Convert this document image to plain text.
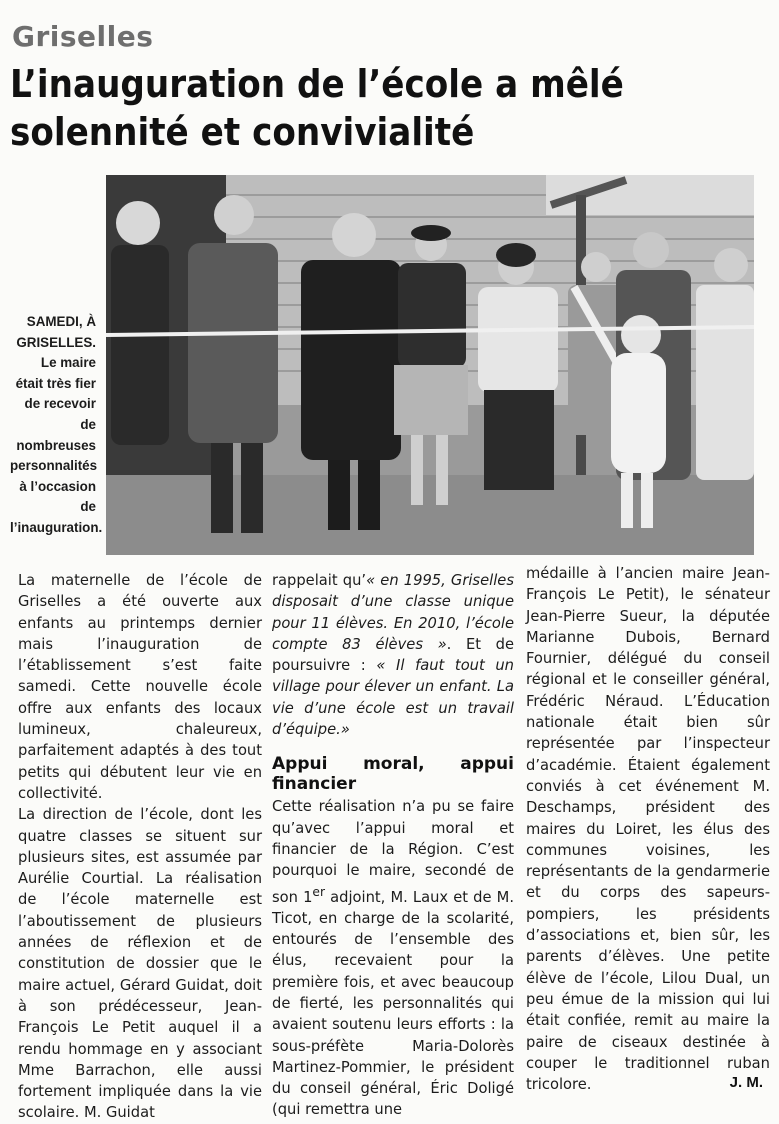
Griselles
L’inauguration de l’école a mêlé solennité et convivialité
SAMEDI, À GRISELLES. Le maire était très fier de recevoir de nombreuses personnalités à l’occasion de l’inauguration.

La maternelle de l’école de Griselles a été ouverte aux enfants au printemps dernier mais l’inauguration de l’établissement s’est faite samedi. Cette nouvelle école offre aux enfants des locaux lumineux, chaleureux, parfaitement adaptés à des tout petits qui débutent leur vie en collectivité.

La direction de l’école, dont les quatre classes se situent sur plusieurs sites, est assumée par Aurélie Courtial. La réalisation de l’école maternelle est l’aboutissement de plusieurs années de réflexion et de constitution de dossier que le maire actuel, Gérard Guidat, doit à son prédécesseur, Jean-François Le Petit auquel il a rendu hommage en y associant Mme Barrachon, elle aussi fortement impliquée dans la vie scolaire. M. Guidat

rappelait qu’« en 1995, Griselles disposait d’une classe unique pour 11 élèves. En 2010, l’école compte 83 élèves ». Et de poursuivre : « Il faut tout un village pour élever un enfant. La vie d’une école est un travail d’équipe.»

Appui moral, appui financier

Cette réalisation n’a pu se faire qu’avec l’appui moral et financier de la Région. C’est pourquoi le maire, secondé de son 1er adjoint, M. Laux et de M. Ticot, en charge de la scolarité, entourés de l’ensemble des élus, recevaient pour la première fois, et avec beaucoup de fierté, les personnalités qui avaient soutenu leurs efforts : la sous-préfète Maria-Dolorès Martinez-Pommier, le président du conseil général, Éric Doligé (qui remettra une

médaille à l’ancien maire Jean-François Le Petit), le sénateur Jean-Pierre Sueur, la députée Marianne Dubois, Bernard Fournier, délégué du conseil régional et le conseiller général, Frédéric Néraud. L’Éducation nationale était bien sûr représentée par l’inspecteur d’académie. Étaient également conviés à cet événement M. Deschamps, président des maires du Loiret, les élus des communes voisines, les représentants de la gendarmerie et du corps des sapeurs-pompiers, les présidents d’associations et, bien sûr, les parents d’élèves. Une petite élève de l’école, Lilou Dual, un peu émue de la mission qui lui était confiée, remit au maire la paire de ciseaux destinée à couper le traditionnel ruban tricolore.	J. M.
